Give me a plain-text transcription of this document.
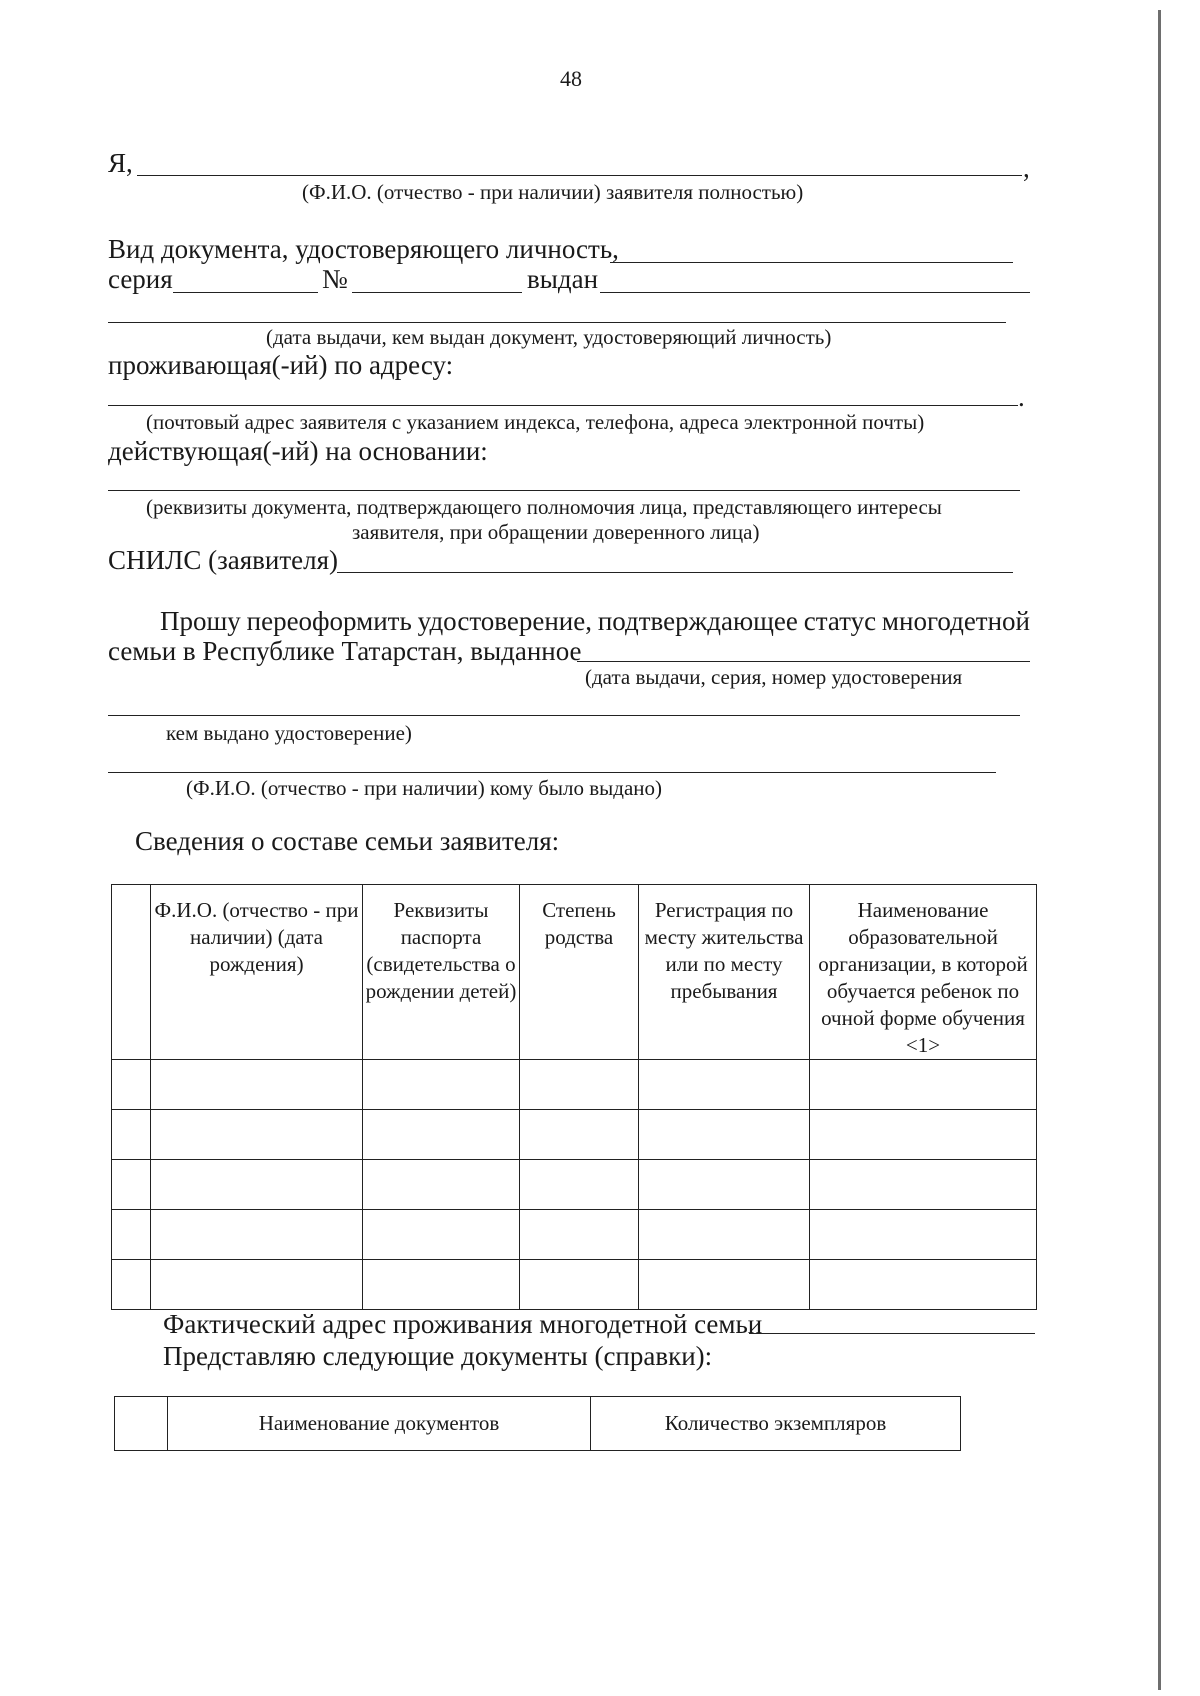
48
Я,	,
(Ф.И.О. (отчество - при наличии) заявителя полностью)
Вид документа, удостоверяющего личность,
серия	№	выдан
(дата выдачи, кем выдан документ, удостоверяющий личность)
проживающая(-ий) по адресу:
.
(почтовый адрес заявителя с указанием индекса, телефона, адреса электронной почты)
действующая(-ий) на основании:
(реквизиты документа, подтверждающего полномочия лица, представляющего интересы
заявителя, при обращении доверенного лица)
СНИЛС (заявителя)
Прошу переоформить удостоверение, подтверждающее статус многодетной
семьи в Республике Татарстан, выданное
(дата выдачи, серия, номер удостоверения
кем выдано удостоверение)
(Ф.И.О. (отчество - при наличии) кому было выдано)
Сведения о составе семьи заявителя:
	Ф.И.О. (отчество - при наличии) (дата рождения)	Реквизиты паспорта (свидетельства о рождении детей)	Степень родства	Регистрация по месту жительства или по месту пребывания	Наименование образовательной организации, в которой обучается ребенок по очной форме обучения <1>

Фактический адрес проживания многодетной семьи
Представляю следующие документы (справки):
	Наименование документов	Количество экземпляров
